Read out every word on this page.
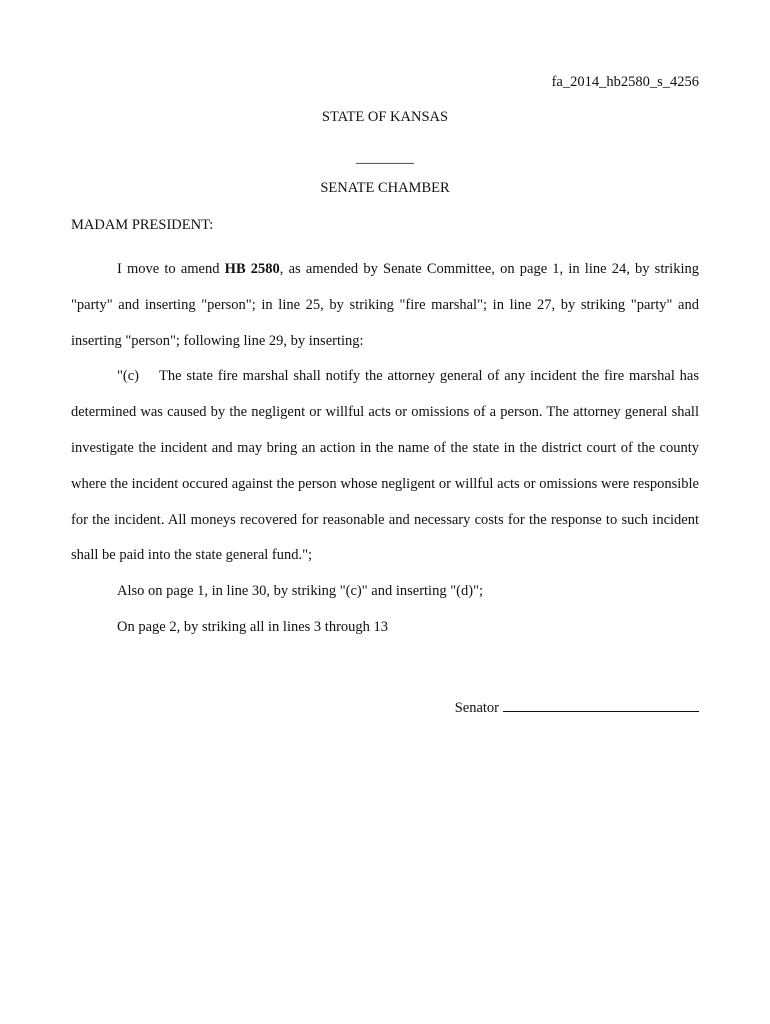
fa_2014_hb2580_s_4256
STATE OF KANSAS
________
SENATE CHAMBER
MADAM PRESIDENT:

I move to amend HB 2580, as amended by Senate Committee, on page 1, in line 24, by striking "party" and inserting "person"; in line 25, by striking "fire marshal"; in line 27, by striking "party" and inserting "person"; following line 29, by inserting:

"(c) The state fire marshal shall notify the attorney general of any incident the fire marshal has determined was caused by the negligent or willful acts or omissions of a person. The attorney general shall investigate the incident and may bring an action in the name of the state in the district court of the county where the incident occured against the person whose negligent or willful acts or omissions were responsible for the incident. All moneys recovered for reasonable and necessary costs for the response to such incident shall be paid into the state general fund.";

Also on page 1, in line 30, by striking "(c)" and inserting "(d)";

On page 2, by striking all in lines 3 through 13

Senator
